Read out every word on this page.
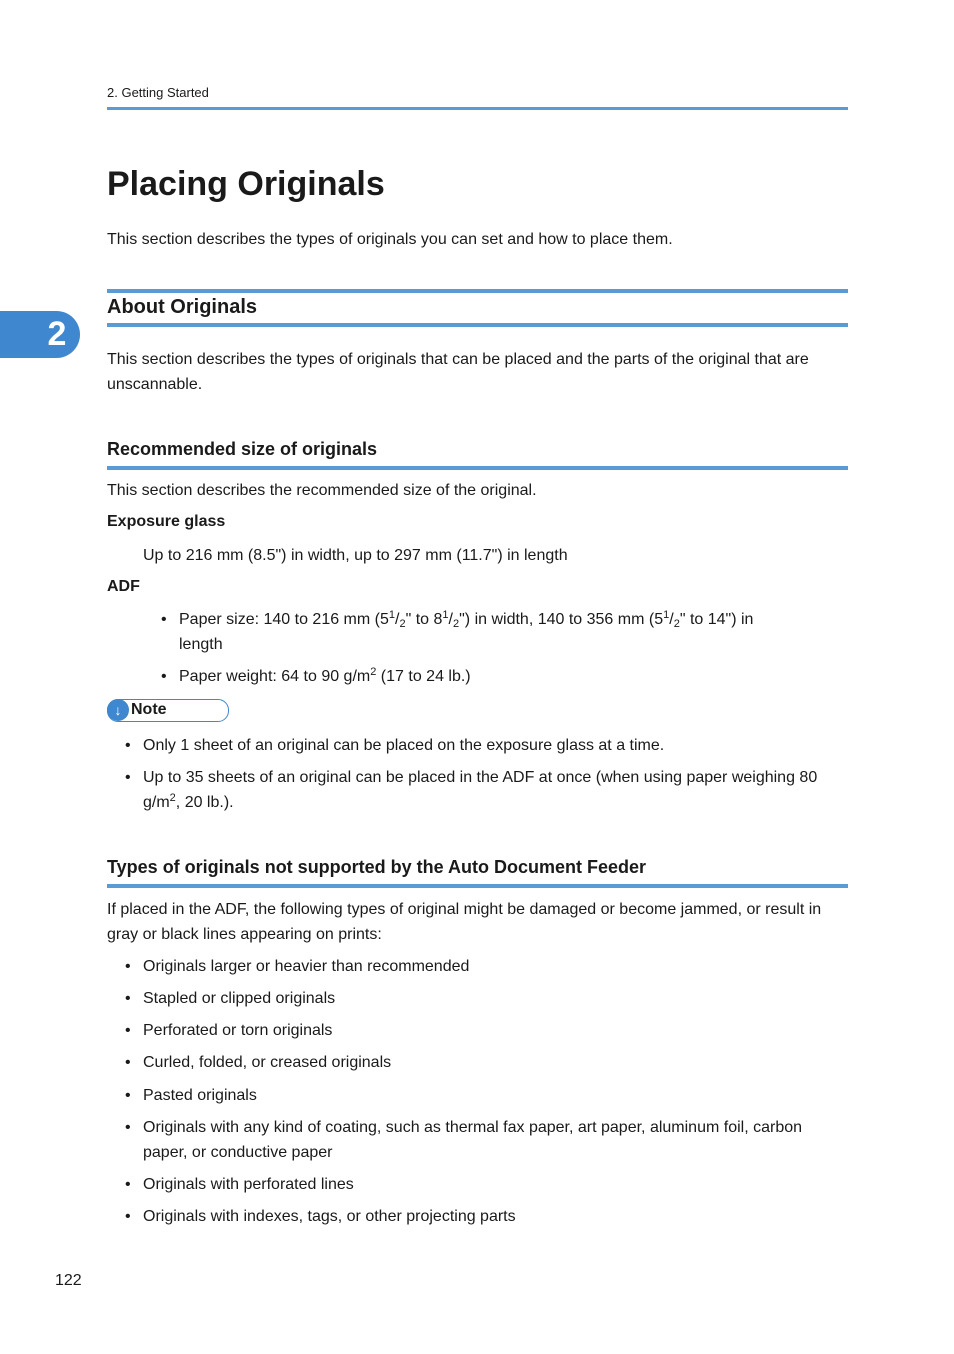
2. Getting Started
2
Placing Originals

This section describes the types of originals you can set and how to place them.

About Originals

This section describes the types of originals that can be placed and the parts of the original that are unscannable.

Recommended size of originals

This section describes the recommended size of the original.

Exposure glass

Up to 216 mm (8.5") in width, up to 297 mm (11.7") in length

ADF
• Paper size: 140 to 216 mm ($5^1/_2$" to $8^1/_2$") in width, 140 to 356 mm ($5^1/_2$" to 14") in
length
• Paper weight: 64 to 90 $g/m^2$ (17 to 24 lb.)
↓ Note
• Only 1 sheet of an original can be placed on the exposure glass at a time.
• Up to 35 sheets of an original can be placed in the ADF at once (when using paper weighing 80
$g/m^2$, 20 lb.).
Types of originals not supported by the Auto Document Feeder

If placed in the ADF, the following types of original might be damaged or become jammed, or result in gray or black lines appearing on prints:

• Originals larger or heavier than recommended
• Stapled or clipped originals
• Perforated or torn originals
• Curled, folded, or creased originals
• Pasted originals
• Originals with any kind of coating, such as thermal fax paper, art paper, aluminum foil, carbon paper, or conductive paper
• Originals with perforated lines
• Originals with indexes, tags, or other projecting parts
122
